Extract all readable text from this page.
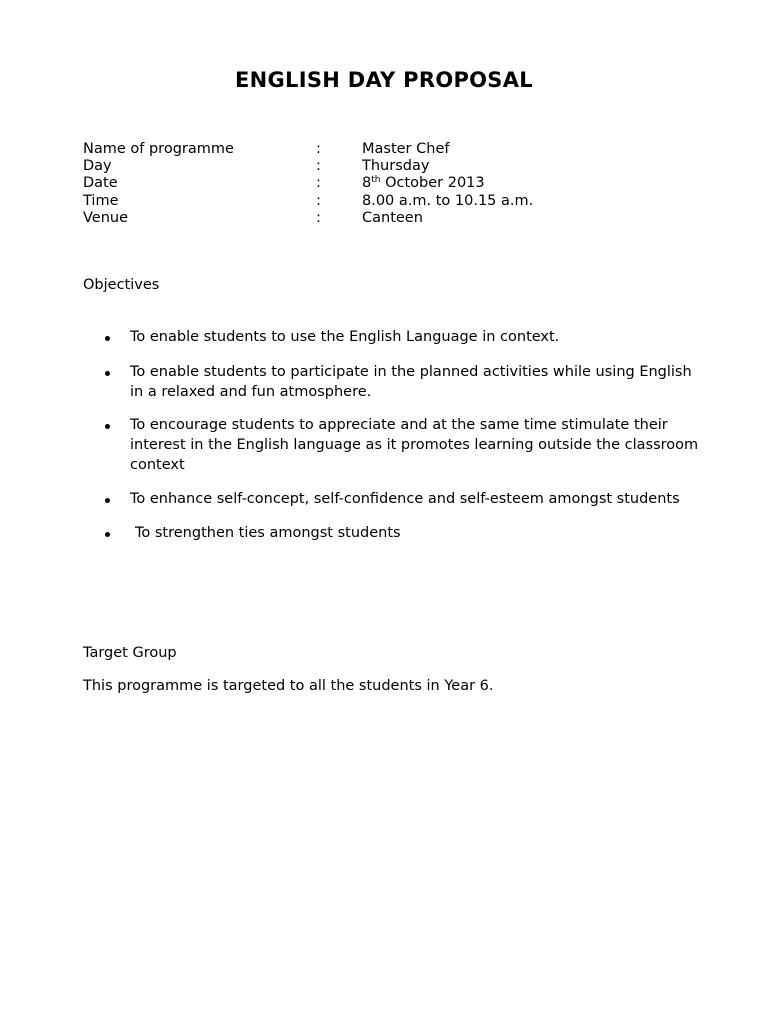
ENGLISH DAY PROPOSAL
Name of programme	:	Master Chef
Day	:	Thursday
Date	:	8th October 2013
Time	:	8.00 a.m. to 10.15 a.m.
Venue	:	Canteen
Objectives
To enable students to use the English Language in context.
To enable students to participate in the planned activities while using English in a relaxed and fun atmosphere.
To encourage students to appreciate and at the same time stimulate their interest in the English language as it promotes learning outside the classroom context
To enhance self-concept, self-confidence and self-esteem amongst students
To strengthen ties amongst students
Target Group

This programme is targeted to all the students in Year 6.
